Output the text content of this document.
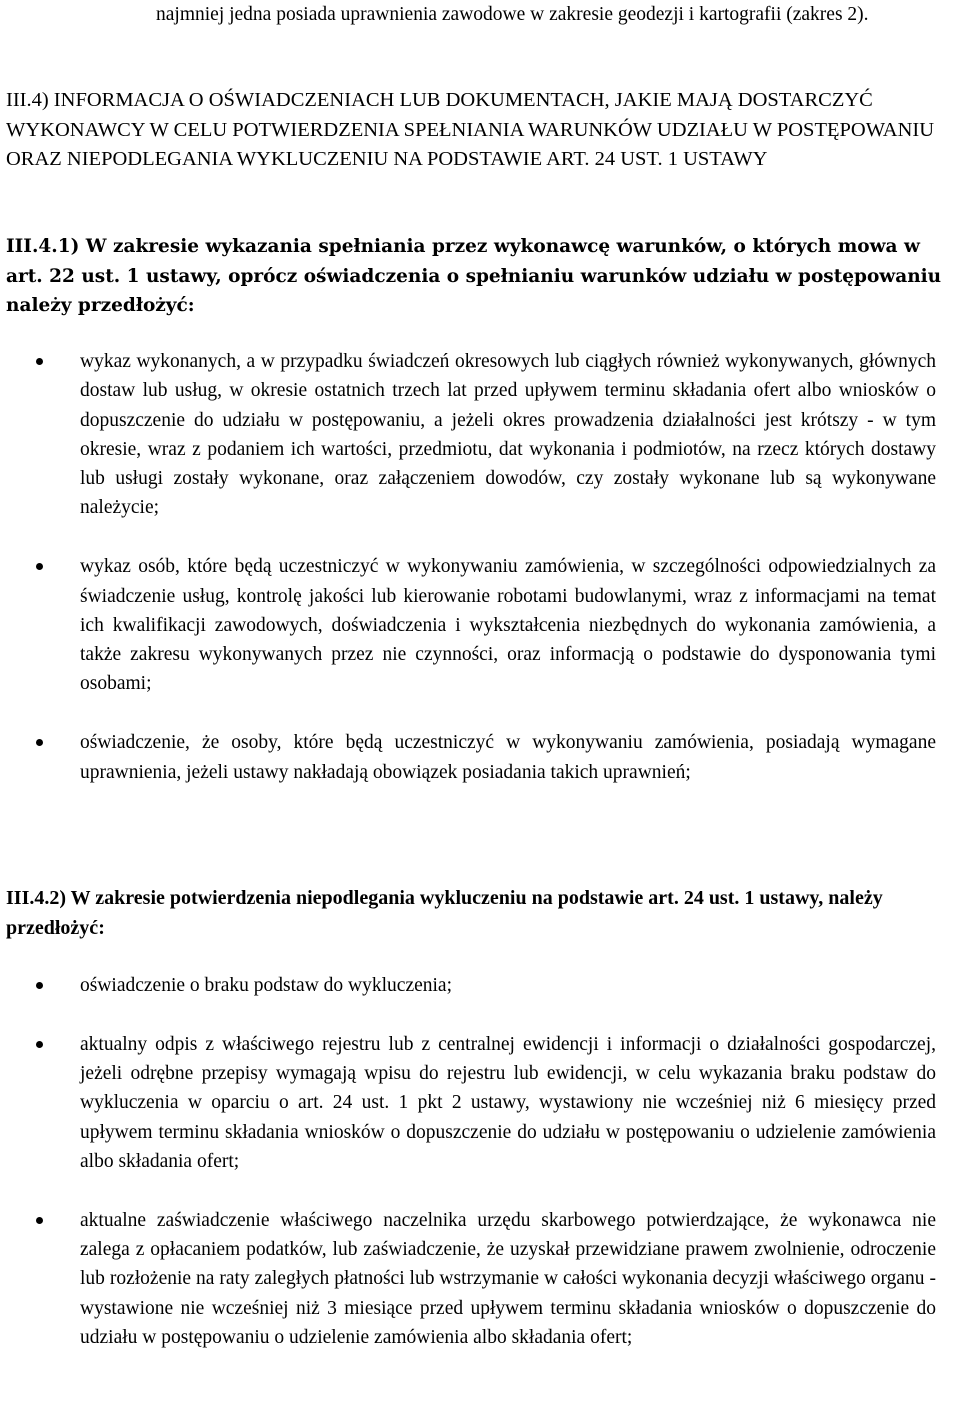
najmniej jedna posiada uprawnienia zawodowe w zakresie geodezji i kartografii (zakres 2).
III.4) INFORMACJA O OŚWIADCZENIACH LUB DOKUMENTACH, JAKIE MAJĄ DOSTARCZYĆ WYKONAWCY W CELU POTWIERDZENIA SPEŁNIANIA WARUNKÓW UDZIAŁU W POSTĘPOWANIU ORAZ NIEPODLEGANIA WYKLUCZENIU NA PODSTAWIE ART. 24 UST. 1 USTAWY
III.4.1) W zakresie wykazania spełniania przez wykonawcę warunków, o których mowa w art. 22 ust. 1 ustawy, oprócz oświadczenia o spełnianiu warunków udziału w postępowaniu należy przedłożyć:
wykaz wykonanych, a w przypadku świadczeń okresowych lub ciągłych również wykonywanych, głównych dostaw lub usług, w okresie ostatnich trzech lat przed upływem terminu składania ofert albo wniosków o dopuszczenie do udziału w postępowaniu, a jeżeli okres prowadzenia działalności jest krótszy - w tym okresie, wraz z podaniem ich wartości, przedmiotu, dat wykonania i podmiotów, na rzecz których dostawy lub usługi zostały wykonane, oraz załączeniem dowodów, czy zostały wykonane lub są wykonywane należycie;
wykaz osób, które będą uczestniczyć w wykonywaniu zamówienia, w szczególności odpowiedzialnych za świadczenie usług, kontrolę jakości lub kierowanie robotami budowlanymi, wraz z informacjami na temat ich kwalifikacji zawodowych, doświadczenia i wykształcenia niezbędnych do wykonania zamówienia, a także zakresu wykonywanych przez nie czynności, oraz informacją o podstawie do dysponowania tymi osobami;
oświadczenie, że osoby, które będą uczestniczyć w wykonywaniu zamówienia, posiadają wymagane uprawnienia, jeżeli ustawy nakładają obowiązek posiadania takich uprawnień;
III.4.2) W zakresie potwierdzenia niepodlegania wykluczeniu na podstawie art. 24 ust. 1 ustawy, należy przedłożyć:
oświadczenie o braku podstaw do wykluczenia;
aktualny odpis z właściwego rejestru lub z centralnej ewidencji i informacji o działalności gospodarczej, jeżeli odrębne przepisy wymagają wpisu do rejestru lub ewidencji, w celu wykazania braku podstaw do wykluczenia w oparciu o art. 24 ust. 1 pkt 2 ustawy, wystawiony nie wcześniej niż 6 miesięcy przed upływem terminu składania wniosków o dopuszczenie do udziału w postępowaniu o udzielenie zamówienia albo składania ofert;
aktualne zaświadczenie właściwego naczelnika urzędu skarbowego potwierdzające, że wykonawca nie zalega z opłacaniem podatków, lub zaświadczenie, że uzyskał przewidziane prawem zwolnienie, odroczenie lub rozłożenie na raty zaległych płatności lub wstrzymanie w całości wykonania decyzji właściwego organu - wystawione nie wcześniej niż 3 miesiące przed upływem terminu składania wniosków o dopuszczenie do udziału w postępowaniu o udzielenie zamówienia albo składania ofert;
